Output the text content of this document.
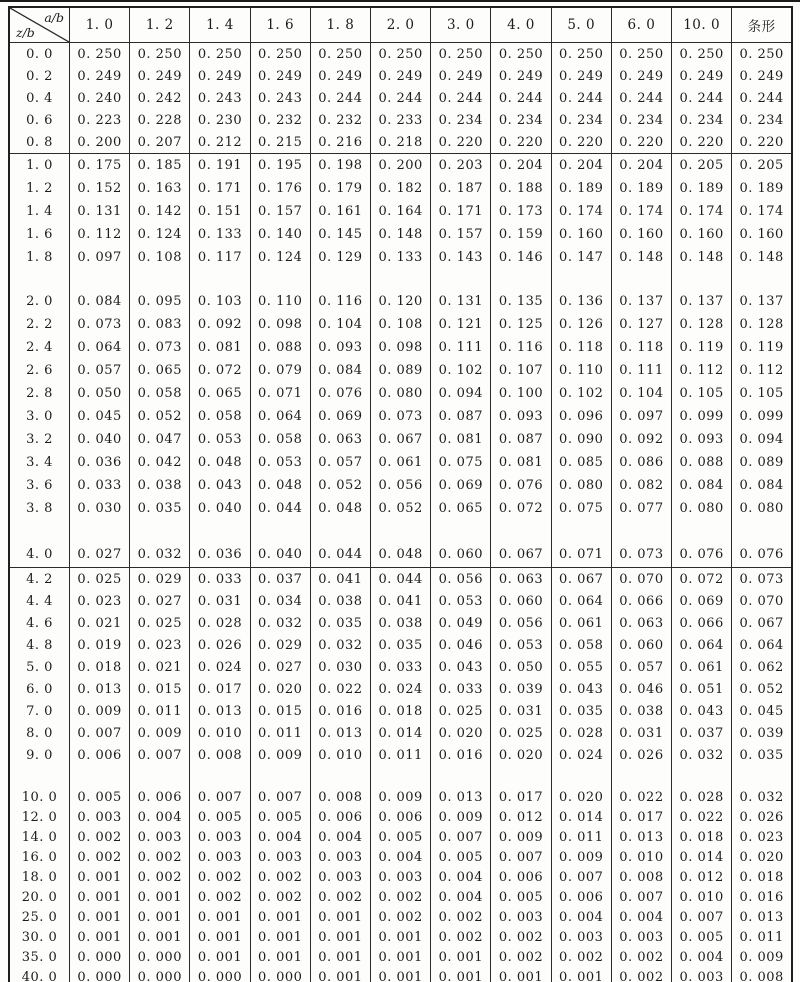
a/b
z/b	1. 0	1. 2	1. 4	1. 6	1. 8	2. 0	3. 0	4. 0	5. 0	6. 0	10. 0	条形
0. 0	0. 250	0. 250	0. 250	0. 250	0. 250	0. 250	0. 250	0. 250	0. 250	0. 250	0. 250	0. 250
0. 2	0. 249	0. 249	0. 249	0. 249	0. 249	0. 249	0. 249	0. 249	0. 249	0. 249	0. 249	0. 249
0. 4	0. 240	0. 242	0. 243	0. 243	0. 244	0. 244	0. 244	0. 244	0. 244	0. 244	0. 244	0. 244
0. 6	0. 223	0. 228	0. 230	0. 232	0. 232	0. 233	0. 234	0. 234	0. 234	0. 234	0. 234	0. 234
0. 8	0. 200	0. 207	0. 212	0. 215	0. 216	0. 218	0. 220	0. 220	0. 220	0. 220	0. 220	0. 220
1. 0	0. 175	0. 185	0. 191	0. 195	0. 198	0. 200	0. 203	0. 204	0. 204	0. 204	0. 205	0. 205
1. 2	0. 152	0. 163	0. 171	0. 176	0. 179	0. 182	0. 187	0. 188	0. 189	0. 189	0. 189	0. 189
1. 4	0. 131	0. 142	0. 151	0. 157	0. 161	0. 164	0. 171	0. 173	0. 174	0. 174	0. 174	0. 174
1. 6	0. 112	0. 124	0. 133	0. 140	0. 145	0. 148	0. 157	0. 159	0. 160	0. 160	0. 160	0. 160
1. 8	0. 097	0. 108	0. 117	0. 124	0. 129	0. 133	0. 143	0. 146	0. 147	0. 148	0. 148	0. 148

2. 0	0. 084	0. 095	0. 103	0. 110	0. 116	0. 120	0. 131	0. 135	0. 136	0. 137	0. 137	0. 137
2. 2	0. 073	0. 083	0. 092	0. 098	0. 104	0. 108	0. 121	0. 125	0. 126	0. 127	0. 128	0. 128
2. 4	0. 064	0. 073	0. 081	0. 088	0. 093	0. 098	0. 111	0. 116	0. 118	0. 118	0. 119	0. 119
2. 6	0. 057	0. 065	0. 072	0. 079	0. 084	0. 089	0. 102	0. 107	0. 110	0. 111	0. 112	0. 112
2. 8	0. 050	0. 058	0. 065	0. 071	0. 076	0. 080	0. 094	0. 100	0. 102	0. 104	0. 105	0. 105
3. 0	0. 045	0. 052	0. 058	0. 064	0. 069	0. 073	0. 087	0. 093	0. 096	0. 097	0. 099	0. 099
3. 2	0. 040	0. 047	0. 053	0. 058	0. 063	0. 067	0. 081	0. 087	0. 090	0. 092	0. 093	0. 094
3. 4	0. 036	0. 042	0. 048	0. 053	0. 057	0. 061	0. 075	0. 081	0. 085	0. 086	0. 088	0. 089
3. 6	0. 033	0. 038	0. 043	0. 048	0. 052	0. 056	0. 069	0. 076	0. 080	0. 082	0. 084	0. 084
3. 8	0. 030	0. 035	0. 040	0. 044	0. 048	0. 052	0. 065	0. 072	0. 075	0. 077	0. 080	0. 080

4. 0	0. 027	0. 032	0. 036	0. 040	0. 044	0. 048	0. 060	0. 067	0. 071	0. 073	0. 076	0. 076
4. 2	0. 025	0. 029	0. 033	0. 037	0. 041	0. 044	0. 056	0. 063	0. 067	0. 070	0. 072	0. 073
4. 4	0. 023	0. 027	0. 031	0. 034	0. 038	0. 041	0. 053	0. 060	0. 064	0. 066	0. 069	0. 070
4. 6	0. 021	0. 025	0. 028	0. 032	0. 035	0. 038	0. 049	0. 056	0. 061	0. 063	0. 066	0. 067
4. 8	0. 019	0. 023	0. 026	0. 029	0. 032	0. 035	0. 046	0. 053	0. 058	0. 060	0. 064	0. 064
5. 0	0. 018	0. 021	0. 024	0. 027	0. 030	0. 033	0. 043	0. 050	0. 055	0. 057	0. 061	0. 062
6. 0	0. 013	0. 015	0. 017	0. 020	0. 022	0. 024	0. 033	0. 039	0. 043	0. 046	0. 051	0. 052
7. 0	0. 009	0. 011	0. 013	0. 015	0. 016	0. 018	0. 025	0. 031	0. 035	0. 038	0. 043	0. 045
8. 0	0. 007	0. 009	0. 010	0. 011	0. 013	0. 014	0. 020	0. 025	0. 028	0. 031	0. 037	0. 039
9. 0	0. 006	0. 007	0. 008	0. 009	0. 010	0. 011	0. 016	0. 020	0. 024	0. 026	0. 032	0. 035

10. 0	0. 005	0. 006	0. 007	0. 007	0. 008	0. 009	0. 013	0. 017	0. 020	0. 022	0. 028	0. 032
12. 0	0. 003	0. 004	0. 005	0. 005	0. 006	0. 006	0. 009	0. 012	0. 014	0. 017	0. 022	0. 026
14. 0	0. 002	0. 003	0. 003	0. 004	0. 004	0. 005	0. 007	0. 009	0. 011	0. 013	0. 018	0. 023
16. 0	0. 002	0. 002	0. 003	0. 003	0. 003	0. 004	0. 005	0. 007	0. 009	0. 010	0. 014	0. 020
18. 0	0. 001	0. 002	0. 002	0. 002	0. 003	0. 003	0. 004	0. 006	0. 007	0. 008	0. 012	0. 018
20. 0	0. 001	0. 001	0. 002	0. 002	0. 002	0. 002	0. 004	0. 005	0. 006	0. 007	0. 010	0. 016
25. 0	0. 001	0. 001	0. 001	0. 001	0. 001	0. 002	0. 002	0. 003	0. 004	0. 004	0. 007	0. 013
30. 0	0. 001	0. 001	0. 001	0. 001	0. 001	0. 001	0. 002	0. 002	0. 003	0. 003	0. 005	0. 011
35. 0	0. 000	0. 000	0. 001	0. 001	0. 001	0. 001	0. 001	0. 002	0. 002	0. 002	0. 004	0. 009
40. 0	0. 000	0. 000	0. 000	0. 000	0. 001	0. 001	0. 001	0. 001	0. 001	0. 002	0. 003	0. 008
